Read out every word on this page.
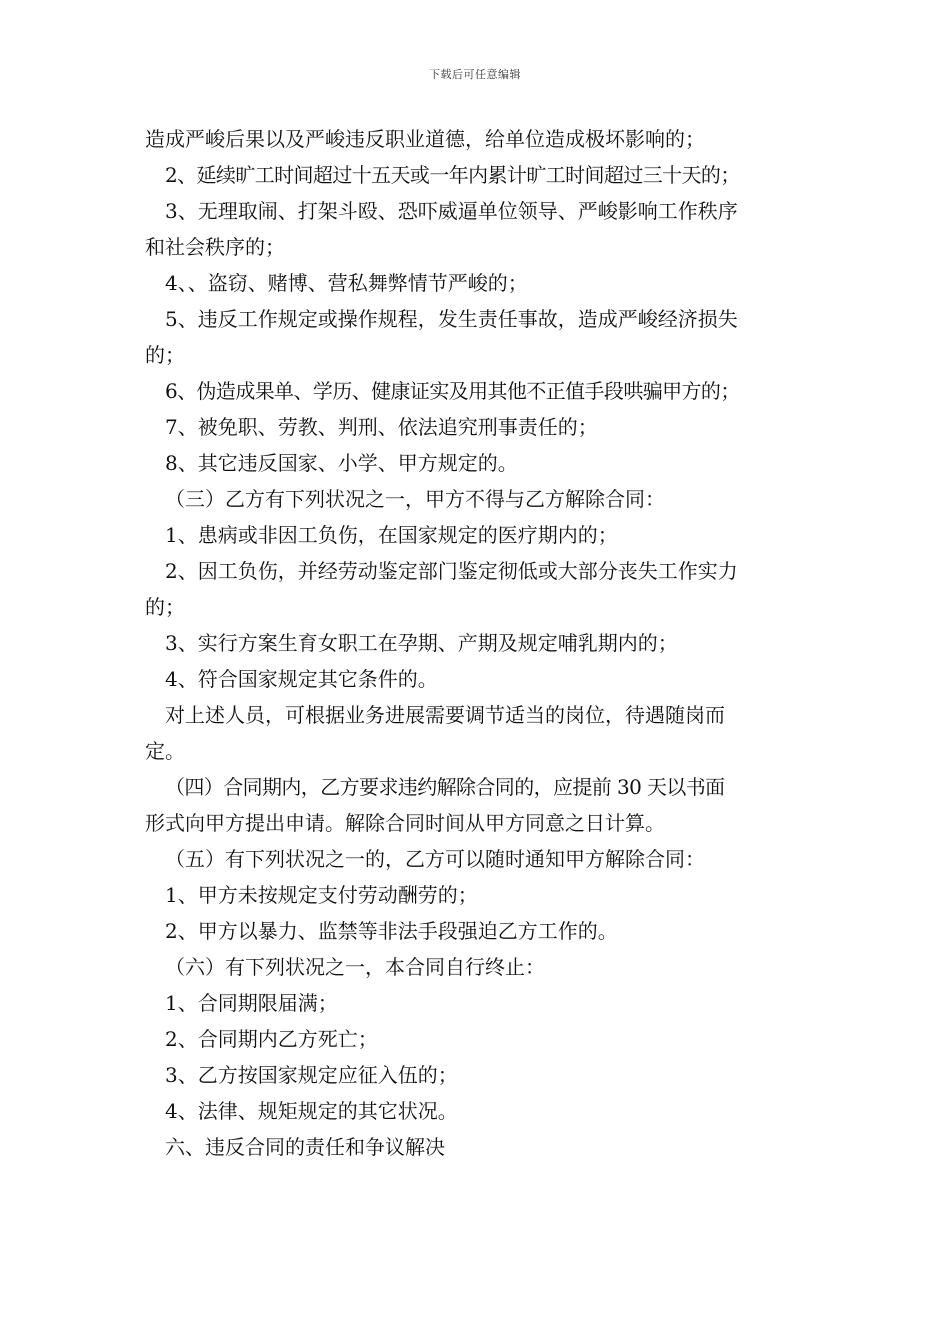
下载后可任意编辑
造成严峻后果以及严峻违反职业道德，给单位造成极坏影响的；
2、延续旷工时间超过十五天或一年内累计旷工时间超过三十天的；
3、无理取闹、打架斗殴、恐吓威逼单位领导、严峻影响工作秩序
和社会秩序的；
4、、盗窃、赌博、营私舞弊情节严峻的；
5、违反工作规定或操作规程，发生责任事故，造成严峻经济损失
的；
6、伪造成果单、学历、健康证实及用其他不正值手段哄骗甲方的；
7、被免职、劳教、判刑、依法追究刑事责任的；
8、其它违反国家、小学、甲方规定的。
（三）乙方有下列状况之一，甲方不得与乙方解除合同：
1、患病或非因工负伤，在国家规定的医疗期内的；
2、因工负伤，并经劳动鉴定部门鉴定彻低或大部分丧失工作实力
的；
3、实行方案生育女职工在孕期、产期及规定哺乳期内的；
4、符合国家规定其它条件的。
对上述人员，可根据业务进展需要调节适当的岗位，待遇随岗而
定。
（四）合同期内，乙方要求违约解除合同的，应提前 30 天以书面
形式向甲方提出申请。解除合同时间从甲方同意之日计算。
（五）有下列状况之一的，乙方可以随时通知甲方解除合同：
1、甲方未按规定支付劳动酬劳的；
2、甲方以暴力、监禁等非法手段强迫乙方工作的。
（六）有下列状况之一，本合同自行终止：
1、合同期限届满；
2、合同期内乙方死亡；
3、乙方按国家规定应征入伍的；
4、法律、规矩规定的其它状况。
六、违反合同的责任和争议解决
